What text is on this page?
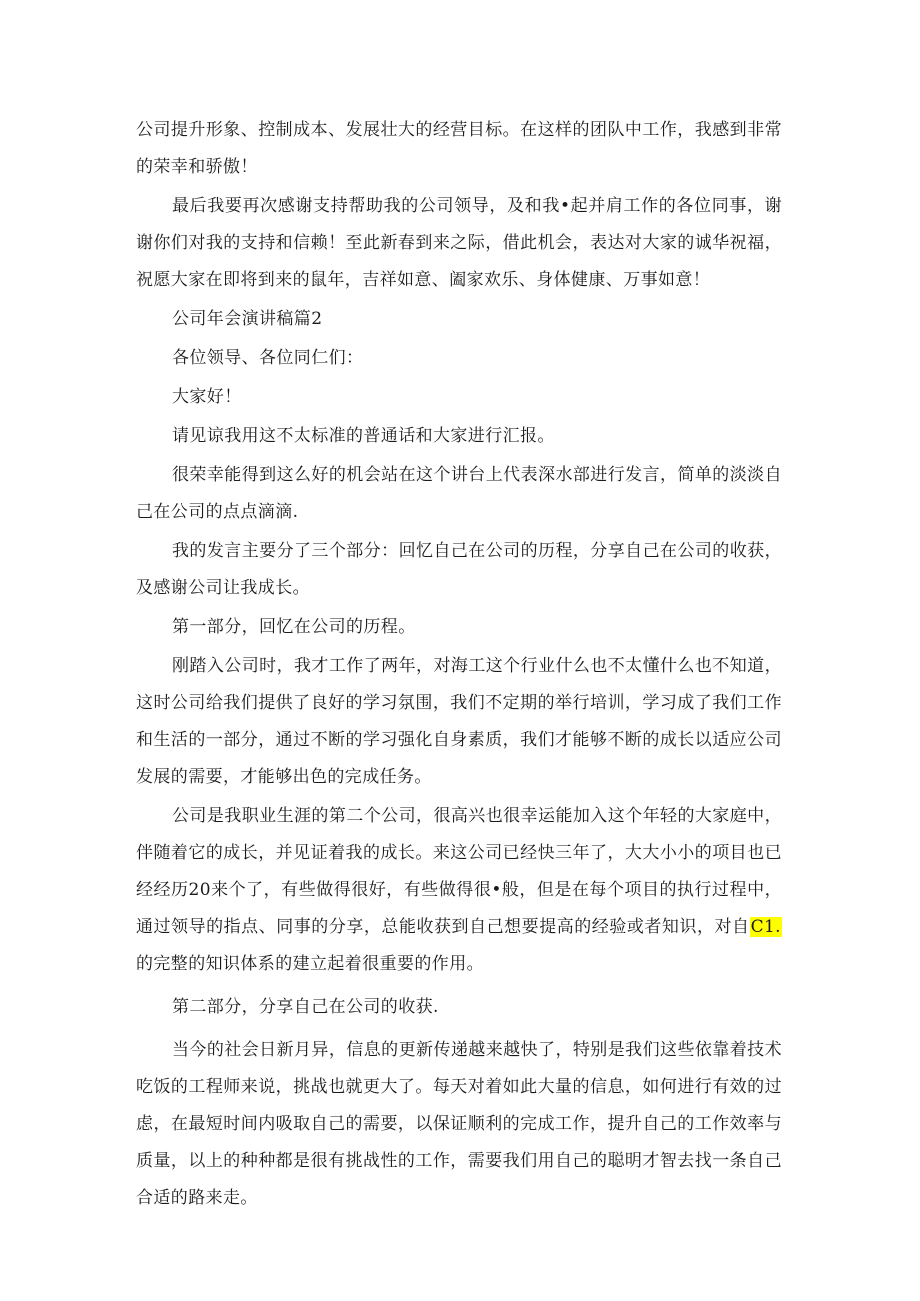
公司提升形象、控制成本、发展壮大的经营目标。在这样的团队中工作，我感到非常的荣幸和骄傲！

最后我要再次感谢支持帮助我的公司领导，及和我•起并肩工作的各位同事，谢谢你们对我的支持和信赖！至此新春到来之际，借此机会，表达对大家的诚华祝福，祝愿大家在即将到来的鼠年，吉祥如意、阖家欢乐、身体健康、万事如意！

公司年会演讲稿篇2

各位领导、各位同仁们：

大家好！

请见谅我用这不太标准的普通话和大家进行汇报。

很荣幸能得到这么好的机会站在这个讲台上代表深水部进行发言，简单的淡淡自己在公司的点点滴滴.

我的发言主要分了三个部分：回忆自己在公司的历程，分享自己在公司的收获，及感谢公司让我成长。

第一部分，回忆在公司的历程。

刚踏入公司时，我才工作了两年，对海工这个行业什么也不太懂什么也不知道，这时公司给我们提供了良好的学习氛围，我们不定期的举行培训，学习成了我们工作和生活的一部分，通过不断的学习强化自身素质，我们才能够不断的成长以适应公司发展的需要，才能够出色的完成任务。

公司是我职业生涯的第二个公司，很高兴也很幸运能加入这个年轻的大家庭中，伴随着它的成长，并见证着我的成长。来这公司已经快三年了，大大小小的项目也已经经历20来个了，有些做得很好，有些做得很•般，但是在每个项目的执行过程中，通过领导的指点、同事的分享，总能收获到自己想要提高的经验或者知识，对自C1.的完整的知识体系的建立起着很重要的作用。

第二部分，分享自己在公司的收获.

当今的社会日新月异，信息的更新传递越来越快了，特别是我们这些依靠着技术吃饭的工程师来说，挑战也就更大了。每天对着如此大量的信息，如何进行有效的过虑，在最短时间内吸取自己的需要，以保证顺利的完成工作，提升自己的工作效率与质量，以上的种种都是很有挑战性的工作，需要我们用自己的聪明才智去找一条自己合适的路来走。
